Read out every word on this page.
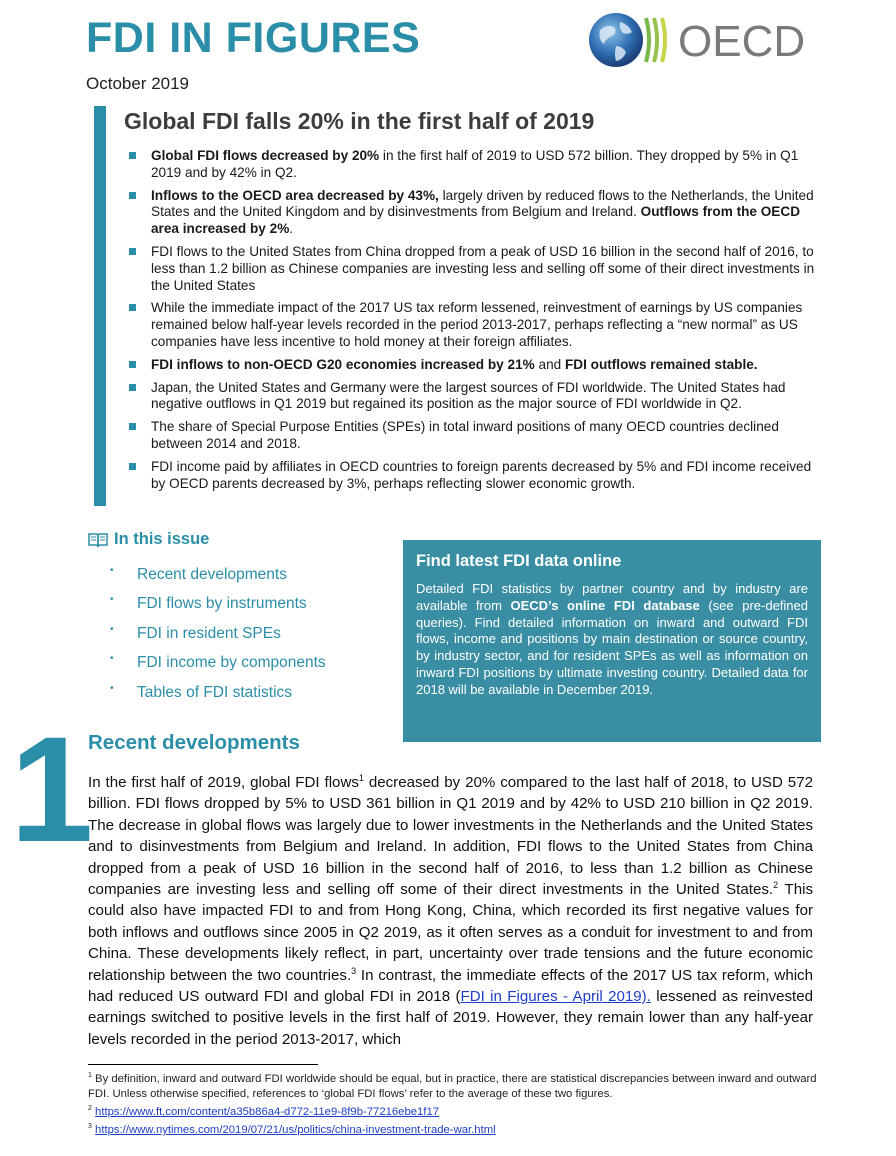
FDI IN FIGURES
October 2019
OECD
Global FDI falls 20% in the first half of 2019
Global FDI flows decreased by 20% in the first half of 2019 to USD 572 billion. They dropped by 5% in Q1 2019 and by 42% in Q2.
Inflows to the OECD area decreased by 43%, largely driven by reduced flows to the Netherlands, the United States and the United Kingdom and by disinvestments from Belgium and Ireland. Outflows from the OECD area increased by 2%.
FDI flows to the United States from China dropped from a peak of USD 16 billion in the second half of 2016, to less than 1.2 billion as Chinese companies are investing less and selling off some of their direct investments in the United States
While the immediate impact of the 2017 US tax reform lessened, reinvestment of earnings by US companies remained below half-year levels recorded in the period 2013-2017, perhaps reflecting a “new normal” as US companies have less incentive to hold money at their foreign affiliates.
FDI inflows to non-OECD G20 economies increased by 21% and FDI outflows remained stable.
Japan, the United States and Germany were the largest sources of FDI worldwide. The United States had negative outflows in Q1 2019 but regained its position as the major source of FDI worldwide in Q2.
The share of Special Purpose Entities (SPEs) in total inward positions of many OECD countries declined between 2014 and 2018.
FDI income paid by affiliates in OECD countries to foreign parents decreased by 5% and FDI income received by OECD parents decreased by 3%, perhaps reflecting slower economic growth.
In this issue
•	Recent developments
•	FDI flows by instruments
•	FDI in resident SPEs
•	FDI income by components
•	Tables of FDI statistics
Find latest FDI data online

Detailed FDI statistics by partner country and by industry are available from OECD’s online FDI database (see pre-defined queries). Find detailed information on inward and outward FDI flows, income and positions by main destination or source country, by industry sector, and for resident SPEs as well as information on inward FDI positions by ultimate investing country. Detailed data for 2018 will be available in December 2019.

1
Recent developments
In the first half of 2019, global FDI flows$^1$ decreased by 20% compared to the last half of 2018, to USD 572 billion. FDI flows dropped by 5% to USD 361 billion in Q1 2019 and by 42% to USD 210 billion in Q2 2019. The decrease in global flows was largely due to lower investments in the Netherlands and the United States and to disinvestments from Belgium and Ireland. In addition, FDI flows to the United States from China dropped from a peak of USD 16 billion in the second half of 2016, to less than 1.2 billion as Chinese companies are investing less and selling off some of their direct investments in the United States.$^2$ This could also have impacted FDI to and from Hong Kong, China, which recorded its first negative values for both inflows and outflows since 2005 in Q2 2019, as it often serves as a conduit for investment to and from China. These developments likely reflect, in part, uncertainty over trade tensions and the future economic relationship between the two countries.$^3$ In contrast, the immediate effects of the 2017 US tax reform, which had reduced US outward FDI and global FDI in 2018 (FDI in Figures - April 2019). lessened as reinvested earnings switched to positive levels in the first half of 2019. However, they remain lower than any half-year levels recorded in the period 2013-2017, which
$^1$ By definition, inward and outward FDI worldwide should be equal, but in practice, there are statistical discrepancies between inward and outward FDI. Unless otherwise specified, references to ‘global FDI flows’ refer to the average of these two figures.
$^2$ https://www.ft.com/content/a35b86a4-d772-11e9-8f9b-77216ebe1f17
$^3$ https://www.nytimes.com/2019/07/21/us/politics/china-investment-trade-war.html
